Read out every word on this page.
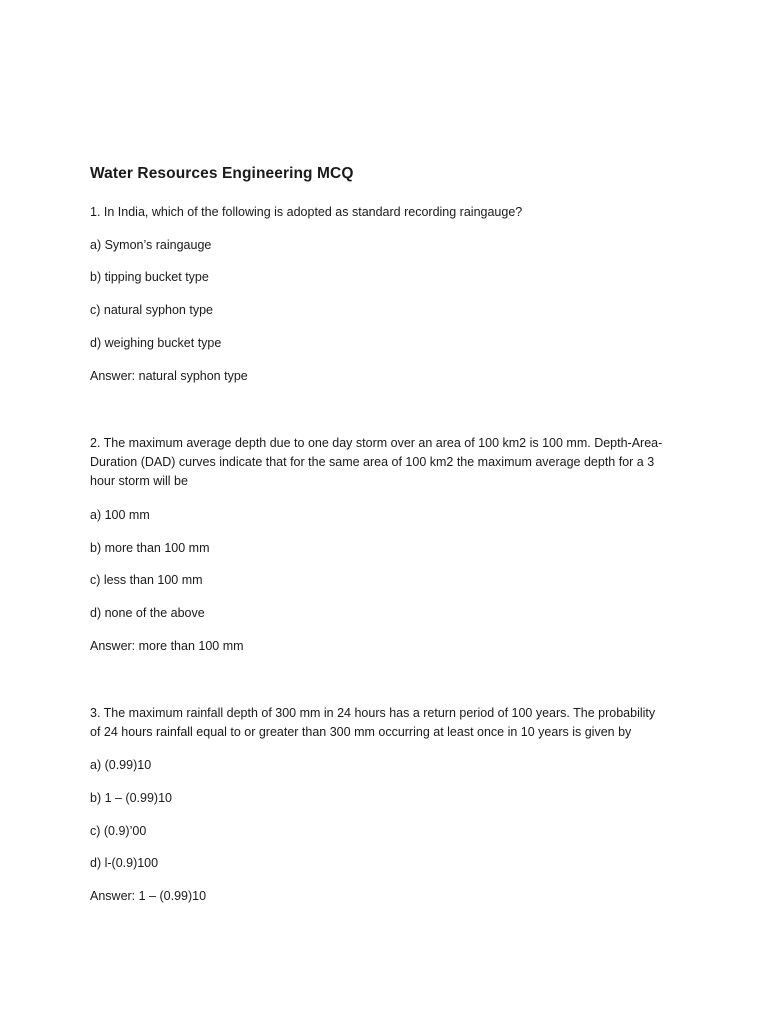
Water Resources Engineering MCQ
1. In India, which of the following is adopted as standard recording raingauge?
a) Symon’s raingauge
b) tipping bucket type
c) natural syphon type
d) weighing bucket type
Answer: natural syphon type
2. The maximum average depth due to one day storm over an area of 100 km2 is 100 mm. Depth-Area-
Duration (DAD) curves indicate that for the same area of 100 km2 the maximum average depth for a 3
hour storm will be
a) 100 mm
b) more than 100 mm
c) less than 100 mm
d) none of the above
Answer: more than 100 mm
3. The maximum rainfall depth of 300 mm in 24 hours has a return period of 100 years. The probability
of 24 hours rainfall equal to or greater than 300 mm occurring at least once in 10 years is given by
a) (0.99)10
b) 1 – (0.99)10
c) (0.9)’00
d) l-(0.9)100
Answer: 1 – (0.99)10
